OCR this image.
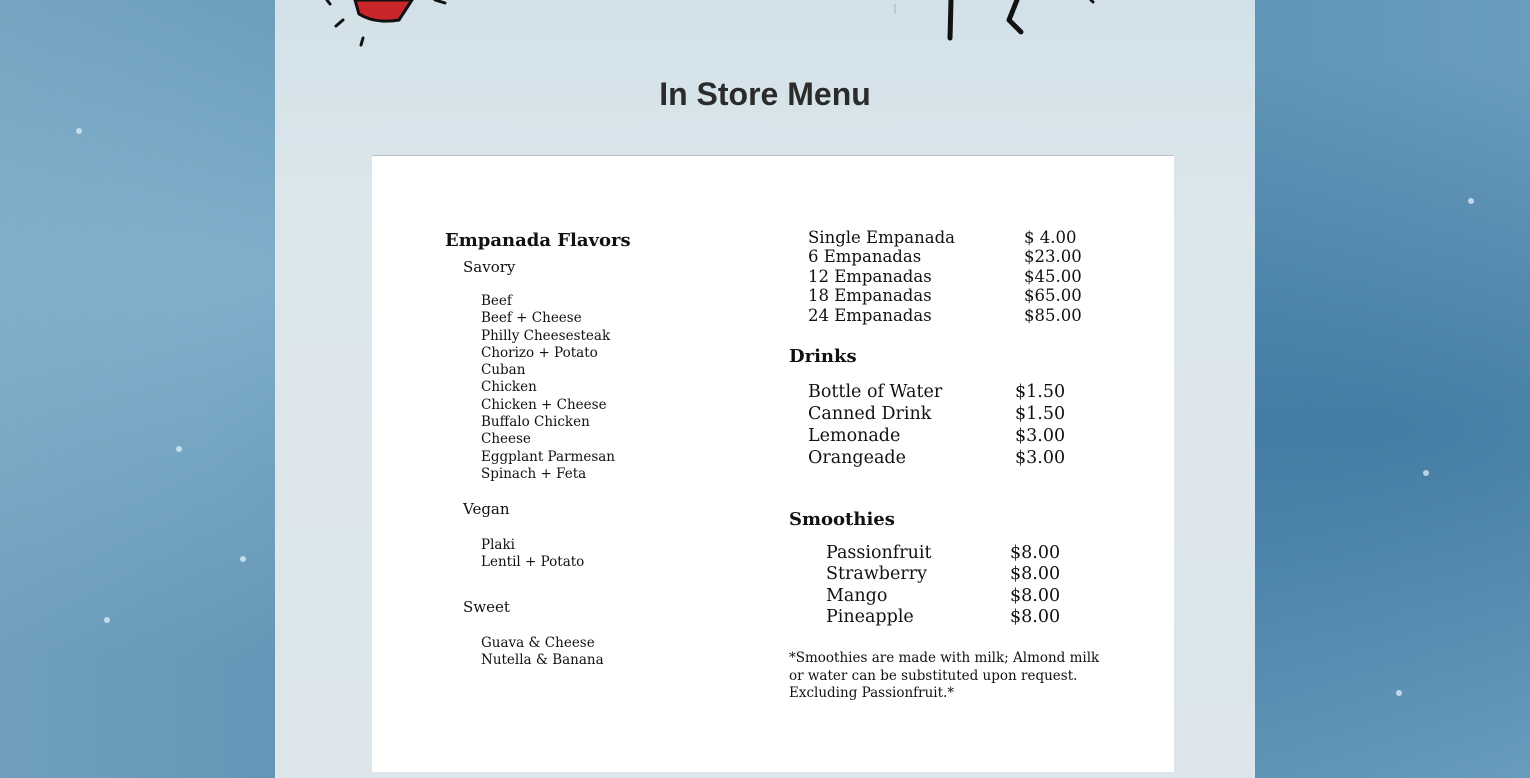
In Store Menu
Empanada Flavors
Savory
Beef
Beef + Cheese
Philly Cheesesteak
Chorizo + Potato
Cuban
Chicken
Chicken + Cheese
Buffalo Chicken
Cheese
Eggplant Parmesan
Spinach + Feta
Vegan
Plaki
Lentil + Potato
Sweet
Guava & Cheese
Nutella & Banana
Single Empanada	$ 4.00
6 Empanadas	$23.00
12 Empanadas	$45.00
18 Empanadas	$65.00
24 Empanadas	$85.00
Drinks
Bottle of Water	$1.50
Canned Drink	$1.50
Lemonade	$3.00
Orangeade	$3.00
Smoothies
Passionfruit	$8.00
Strawberry	$8.00
Mango	$8.00
Pineapple	$8.00
*Smoothies are made with milk; Almond milk or water can be substituted upon request. Excluding Passionfruit.*
